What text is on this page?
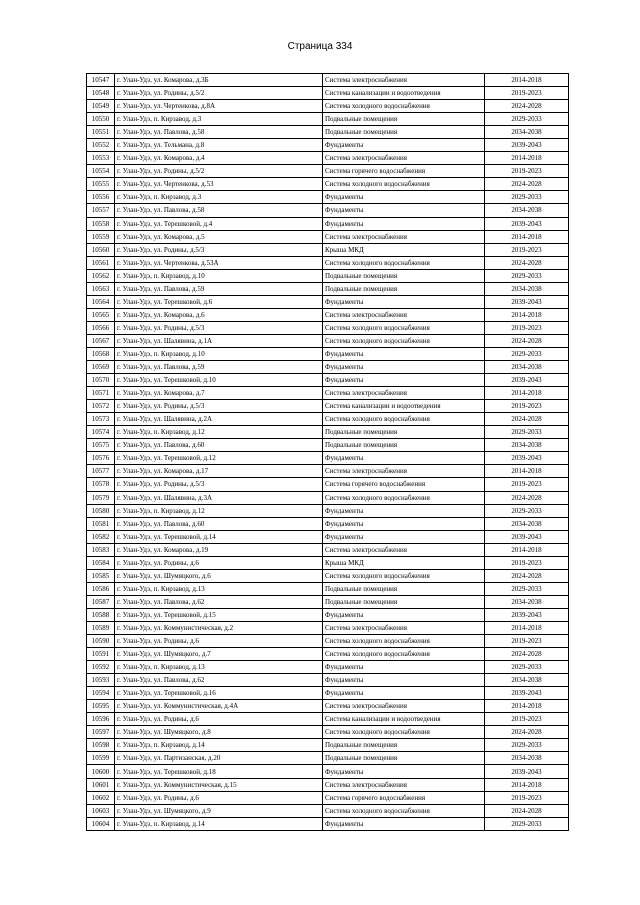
Страница 334
10547	г. Улан-Удэ, ул. Комарова, д.3Б	Система электроснабжения	2014-2018
10548	г. Улан-Удэ, ул. Родины, д.5/2	Система канализации и водоотведения	2019-2023
10549	г. Улан-Удэ, ул. Чертенкова, д.8А	Система холодного водоснабжения	2024-2028
10550	г. Улан-Удэ, п. Кирзавод, д.3	Подвальные помещения	2029-2033
10551	г. Улан-Удэ, ул. Павлова, д.58	Подвальные помещения	2034-2038
10552	г. Улан-Удэ, ул. Тельмана, д.8	Фундаменты	2039-2043
10553	г. Улан-Удэ, ул. Комарова, д.4	Система электроснабжения	2014-2018
10554	г. Улан-Удэ, ул. Родины, д.5/2	Система горячего водоснабжения	2019-2023
10555	г. Улан-Удэ, ул. Чертенкова, д.53	Система холодного водоснабжения	2024-2028
10556	г. Улан-Удэ, п. Кирзавод, д.3	Фундаменты	2029-2033
10557	г. Улан-Удэ, ул. Павлова, д.58	Фундаменты	2034-2038
10558	г. Улан-Удэ, ул. Терешковой, д.4	Фундаменты	2039-2043
10559	г. Улан-Удэ, ул. Комарова, д.5	Система электроснабжения	2014-2018
10560	г. Улан-Удэ, ул. Родины, д.5/3	Крыша МКД	2019-2023
10561	г. Улан-Удэ, ул. Чертенкова, д.53А	Система холодного водоснабжения	2024-2028
10562	г. Улан-Удэ, п. Кирзавод, д.10	Подвальные помещения	2029-2033
10563	г. Улан-Удэ, ул. Павлова, д.59	Подвальные помещения	2034-2038
10564	г. Улан-Удэ, ул. Терешковой, д.6	Фундаменты	2039-2043
10565	г. Улан-Удэ, ул. Комарова, д.6	Система электроснабжения	2014-2018
10566	г. Улан-Удэ, ул. Родины, д.5/3	Система холодного водоснабжения	2019-2023
10567	г. Улан-Удэ, ул. Шалявина, д.1А	Система холодного водоснабжения	2024-2028
10568	г. Улан-Удэ, п. Кирзавод, д.10	Фундаменты	2029-2033
10569	г. Улан-Удэ, ул. Павлова, д.59	Фундаменты	2034-2038
10570	г. Улан-Удэ, ул. Терешковой, д.10	Фундаменты	2039-2043
10571	г. Улан-Удэ, ул. Комарова, д.7	Система электроснабжения	2014-2018
10572	г. Улан-Удэ, ул. Родины, д.5/3	Система канализации и водоотведения	2019-2023
10573	г. Улан-Удэ, ул. Шалявина, д.2А	Система холодного водоснабжения	2024-2028
10574	г. Улан-Удэ, п. Кирзавод, д.12	Подвальные помещения	2029-2033
10575	г. Улан-Удэ, ул. Павлова, д.60	Подвальные помещения	2034-2038
10576	г. Улан-Удэ, ул. Терешковой, д.12	Фундаменты	2039-2043
10577	г. Улан-Удэ, ул. Комарова, д.17	Система электроснабжения	2014-2018
10578	г. Улан-Удэ, ул. Родины, д.5/3	Система горячего водоснабжения	2019-2023
10579	г. Улан-Удэ, ул. Шалявина, д.3А	Система холодного водоснабжения	2024-2028
10580	г. Улан-Удэ, п. Кирзавод, д.12	Фундаменты	2029-2033
10581	г. Улан-Удэ, ул. Павлова, д.60	Фундаменты	2034-2038
10582	г. Улан-Удэ, ул. Терешковой, д.14	Фундаменты	2039-2043
10583	г. Улан-Удэ, ул. Комарова, д.19	Система электроснабжения	2014-2018
10584	г. Улан-Удэ, ул. Родины, д.6	Крыша МКД	2019-2023
10585	г. Улан-Удэ, ул. Шумяцкого, д.6	Система холодного водоснабжения	2024-2028
10586	г. Улан-Удэ, п. Кирзавод, д.13	Подвальные помещения	2029-2033
10587	г. Улан-Удэ, ул. Павлова, д.62	Подвальные помещения	2034-2038
10588	г. Улан-Удэ, ул. Терешковой, д.15	Фундаменты	2039-2043
10589	г. Улан-Удэ, ул. Коммунистическая, д.2	Система электроснабжения	2014-2018
10590	г. Улан-Удэ, ул. Родины, д.6	Система холодного водоснабжения	2019-2023
10591	г. Улан-Удэ, ул. Шумяцкого, д.7	Система холодного водоснабжения	2024-2028
10592	г. Улан-Удэ, п. Кирзавод, д.13	Фундаменты	2029-2033
10593	г. Улан-Удэ, ул. Павлова, д.62	Фундаменты	2034-2038
10594	г. Улан-Удэ, ул. Терешковой, д.16	Фундаменты	2039-2043
10595	г. Улан-Удэ, ул. Коммунистическая, д.4А	Система электроснабжения	2014-2018
10596	г. Улан-Удэ, ул. Родины, д.6	Система канализации и водоотведения	2019-2023
10597	г. Улан-Удэ, ул. Шумяцкого, д.8	Система холодного водоснабжения	2024-2028
10598	г. Улан-Удэ, п. Кирзавод, д.14	Подвальные помещения	2029-2033
10599	г. Улан-Удэ, ул. Партизанская, д.20	Подвальные помещения	2034-2038
10600	г. Улан-Удэ, ул. Терешковой, д.18	Фундаменты	2039-2043
10601	г. Улан-Удэ, ул. Коммунистическая, д.15	Система электроснабжения	2014-2018
10602	г. Улан-Удэ, ул. Родины, д.6	Система горячего водоснабжения	2019-2023
10603	г. Улан-Удэ, ул. Шумяцкого, д.9	Система холодного водоснабжения	2024-2028
10604	г. Улан-Удэ, п. Кирзавод, д.14	Фундаменты	2029-2033
